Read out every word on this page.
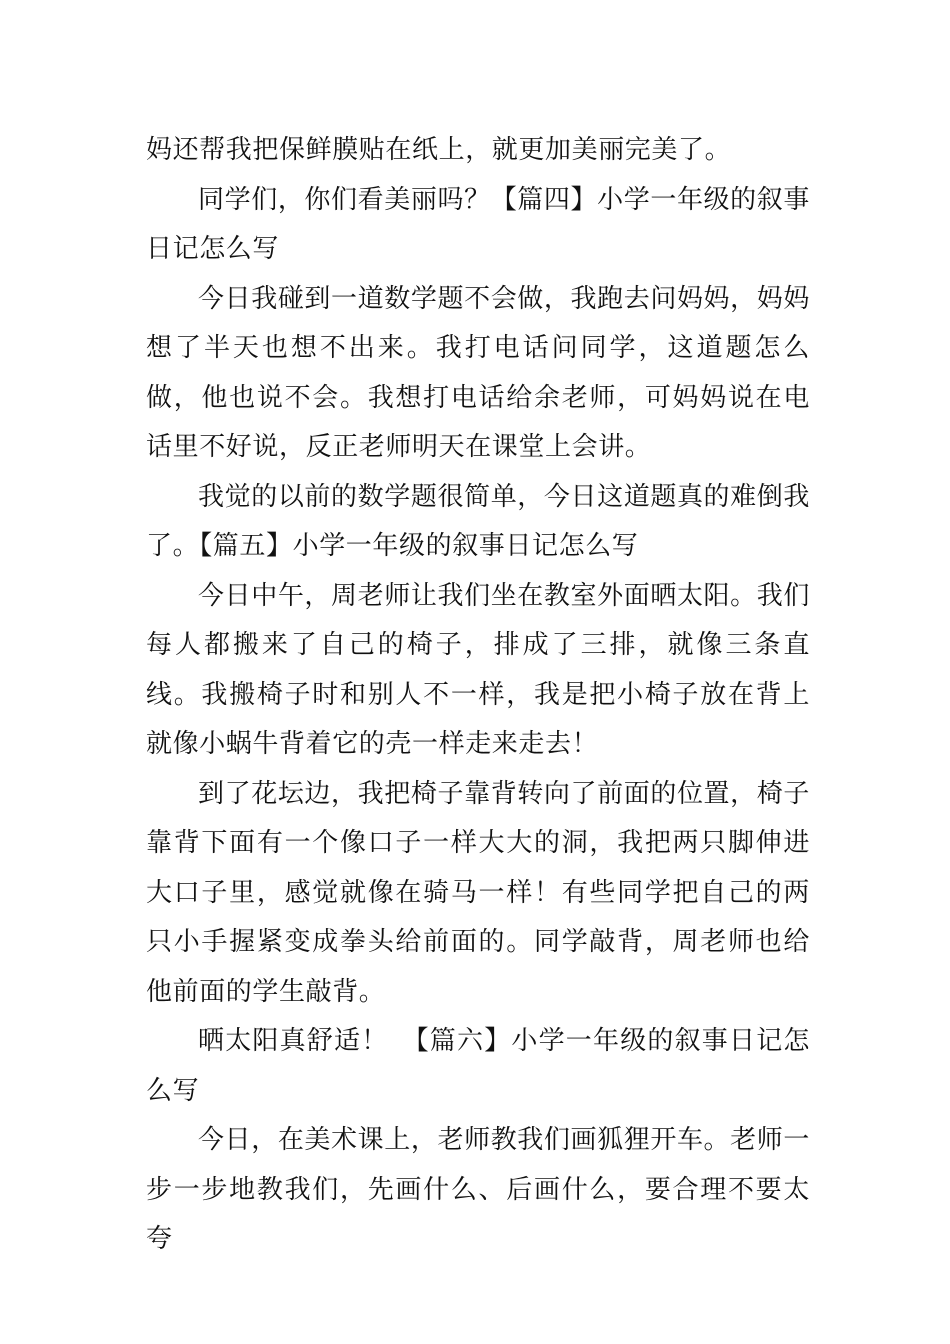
妈还帮我把保鲜膜贴在纸上，就更加美丽完美了。

同学们，你们看美丽吗？【篇四】小学一年级的叙事日记怎么写

今日我碰到一道数学题不会做，我跑去问妈妈，妈妈想了半天也想不出来。我打电话问同学，这道题怎么做，他也说不会。我想打电话给余老师，可妈妈说在电话里不好说，反正老师明天在课堂上会讲。

我觉的以前的数学题很简单，今日这道题真的难倒我了。【篇五】小学一年级的叙事日记怎么写

今日中午，周老师让我们坐在教室外面晒太阳。我们每人都搬来了自己的椅子，排成了三排，就像三条直线。我搬椅子时和别人不一样，我是把小椅子放在背上就像小蜗牛背着它的壳一样走来走去！

到了花坛边，我把椅子靠背转向了前面的位置，椅子靠背下面有一个像口子一样大大的洞，我把两只脚伸进大口子里，感觉就像在骑马一样！有些同学把自己的两只小手握紧变成拳头给前面的。同学敲背，周老师也给他前面的学生敲背。

晒太阳真舒适！　【篇六】小学一年级的叙事日记怎么写

今日，在美术课上，老师教我们画狐狸开车。老师一步一步地教我们，先画什么、后画什么，要合理不要太夸
